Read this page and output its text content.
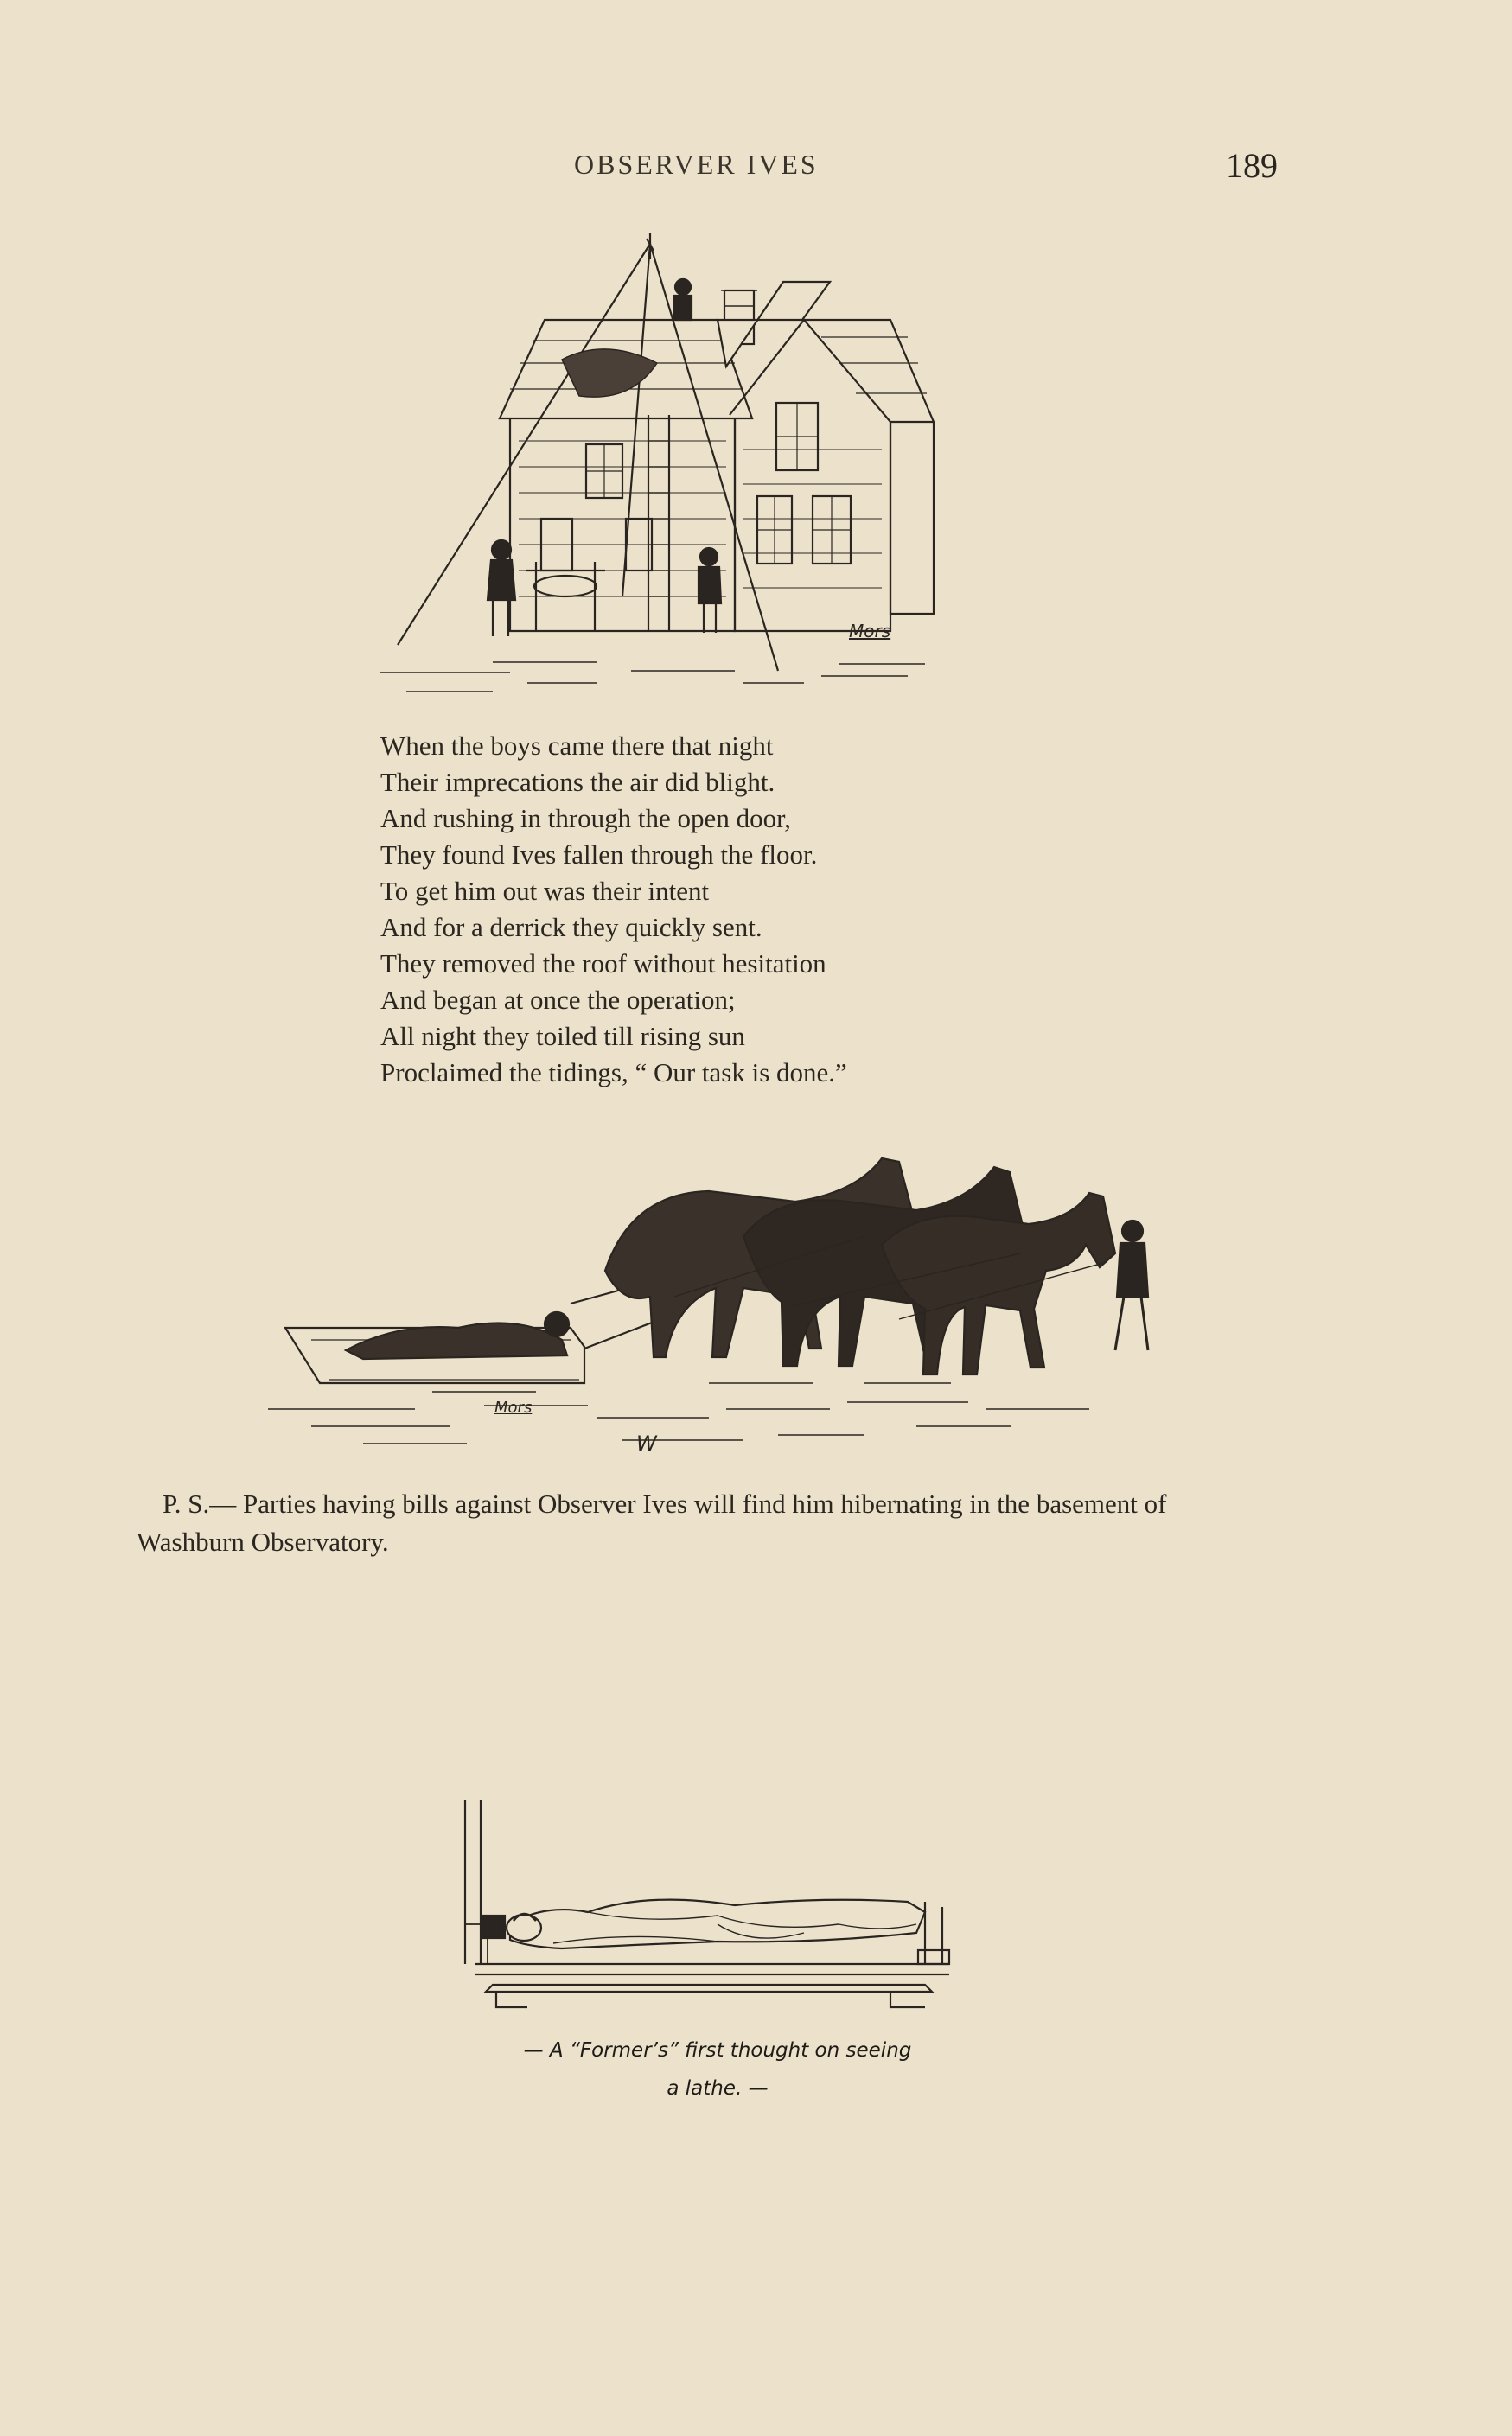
OBSERVER IVES	189
Mors
When the boys came there that night
Their imprecations the air did blight.
And rushing in through the open door,
They found Ives fallen through the floor.
To get him out was their intent
And for a derrick they quickly sent.
They removed the roof without hesitation
And began at once the operation;
All night they toiled till rising sun
Proclaimed the tidings, “ Our task is done.”
Mors
W

P. S.— Parties having bills against Observer Ives will find him hibernating in the basement of Washburn Observatory.

— A “Former’s” first thought on seeing
a lathe. —
